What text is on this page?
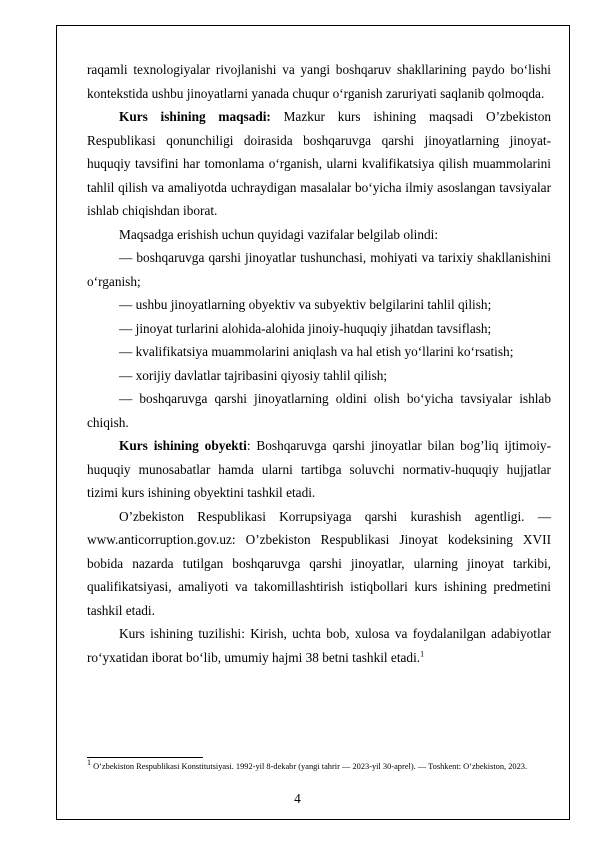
raqamli texnologiyalar rivojlanishi va yangi boshqaruv shakllarining paydo bo‘lishi kontekstida ushbu jinoyatlarni yanada chuqur o‘rganish zaruriyati saqlanib qolmoqda.

Kurs ishining maqsadi: Mazkur kurs ishining maqsadi O’zbekiston Respublikasi qonunchiligi doirasida boshqaruvga qarshi jinoyatlarning jinoyat-huquqiy tavsifini har tomonlama o‘rganish, ularni kvalifikatsiya qilish muammolarini tahlil qilish va amaliyotda uchraydigan masalalar bo‘yicha ilmiy asoslangan tavsiyalar ishlab chiqishdan iborat.

Maqsadga erishish uchun quyidagi vazifalar belgilab olindi:

— boshqaruvga qarshi jinoyatlar tushunchasi, mohiyati va tarixiy shakllanishini o‘rganish;

— ushbu jinoyatlarning obyektiv va subyektiv belgilarini tahlil qilish;

— jinoyat turlarini alohida-alohida jinoiy-huquqiy jihatdan tavsiflash;

— kvalifikatsiya muammolarini aniqlash va hal etish yo‘llarini ko‘rsatish;

— xorijiy davlatlar tajribasini qiyosiy tahlil qilish;

— boshqaruvga qarshi jinoyatlarning oldini olish bo‘yicha tavsiyalar ishlab chiqish.

Kurs ishining obyekti: Boshqaruvga qarshi jinoyatlar bilan bog’liq ijtimoiy-huquqiy munosabatlar hamda ularni tartibga soluvchi normativ-huquqiy hujjatlar tizimi kurs ishining obyektini tashkil etadi.

O’zbekiston Respublikasi Korrupsiyaga qarshi kurashish agentligi. — www.anticorruption.gov.uz: O’zbekiston Respublikasi Jinoyat kodeksining XVII bobida nazarda tutilgan boshqaruvga qarshi jinoyatlar, ularning jinoyat tarkibi, qualifikatsiyasi, amaliyoti va takomillashtirish istiqbollari kurs ishining predmetini tashkil etadi.

Kurs ishining tuzilishi: Kirish, uchta bob, xulosa va foydalanilgan adabiyotlar ro‘yxatidan iborat bo‘lib, umumiy hajmi 38 betni tashkil etadi.$^1$

$^1$ O’zbekiston Respublikasi Konstitutsiyasi. 1992-yil 8-dekabr (yangi tahrir — 2023-yil 30-aprel). — Toshkent: O’zbekiston, 2023.
4
